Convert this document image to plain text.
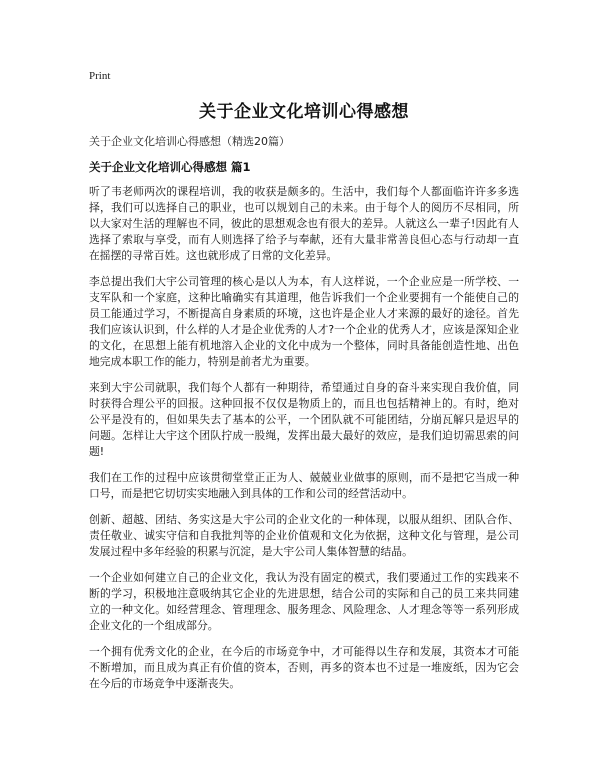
Print
关于企业文化培训心得感想
关于企业文化培训心得感想（精选20篇）
关于企业文化培训心得感想 篇1

听了韦老师两次的课程培训，我的收获是颇多的。生活中，我们每个人都面临许许多多选择，我们可以选择自己的职业，也可以规划自己的未来。由于每个人的阅历不尽相同，所以大家对生活的理解也不同，彼此的思想观念也有很大的差异。人就这么一辈子!因此有人选择了索取与享受，而有人则选择了给予与奉献，还有大量非常善良但心态与行动却一直在摇摆的寻常百姓。这也就形成了日常的文化差异。

李总提出我们大宇公司管理的核心是以人为本，有人这样说，一个企业应是一所学校、一支军队和一个家庭，这种比喻确实有其道理，他告诉我们一个企业要拥有一个能使自己的员工能通过学习，不断提高自身素质的环境，这也许是企业人才来源的最好的途径。首先我们应该认识到，什么样的人才是企业优秀的人才?一个企业的优秀人才，应该是深知企业的文化，在思想上能有机地溶入企业的文化中成为一个整体，同时具备能创造性地、出色地完成本职工作的能力，特别是前者尤为重要。

来到大宇公司就职，我们每个人都有一种期待，希望通过自身的奋斗来实现自我价值，同时获得合理公平的回报。这种回报不仅仅是物质上的，而且也包括精神上的。有时，绝对公平是没有的，但如果失去了基本的公平，一个团队就不可能团结，分崩瓦解只是迟早的问题。怎样让大宇这个团队拧成一股绳，发挥出最大最好的效应，是我们迫切需思索的问题!

我们在工作的过程中应该贯彻堂堂正正为人、兢兢业业做事的原则，而不是把它当成一种口号，而是把它切切实实地融入到具体的工作和公司的经营活动中。

创新、超越、团结、务实这是大宇公司的企业文化的一种体现，以服从组织、团队合作、责任敬业、诚实守信和自我批判等的企业价值观和文化为依据，这种文化与管理，是公司发展过程中多年经验的积累与沉淀，是大宇公司人集体智慧的结晶。

一个企业如何建立自己的企业文化，我认为没有固定的模式，我们要通过工作的实践来不断的学习，积极地注意吸纳其它企业的先进思想，结合公司的实际和自己的员工来共同建立的一种文化。如经营理念、管理理念、服务理念、风险理念、人才理念等等一系列形成企业文化的一个组成部分。

一个拥有优秀文化的企业，在今后的市场竞争中，才可能得以生存和发展，其资本才可能不断增加，而且成为真正有价值的资本，否则，再多的资本也不过是一堆废纸，因为它会在今后的市场竞争中逐渐丧失。
